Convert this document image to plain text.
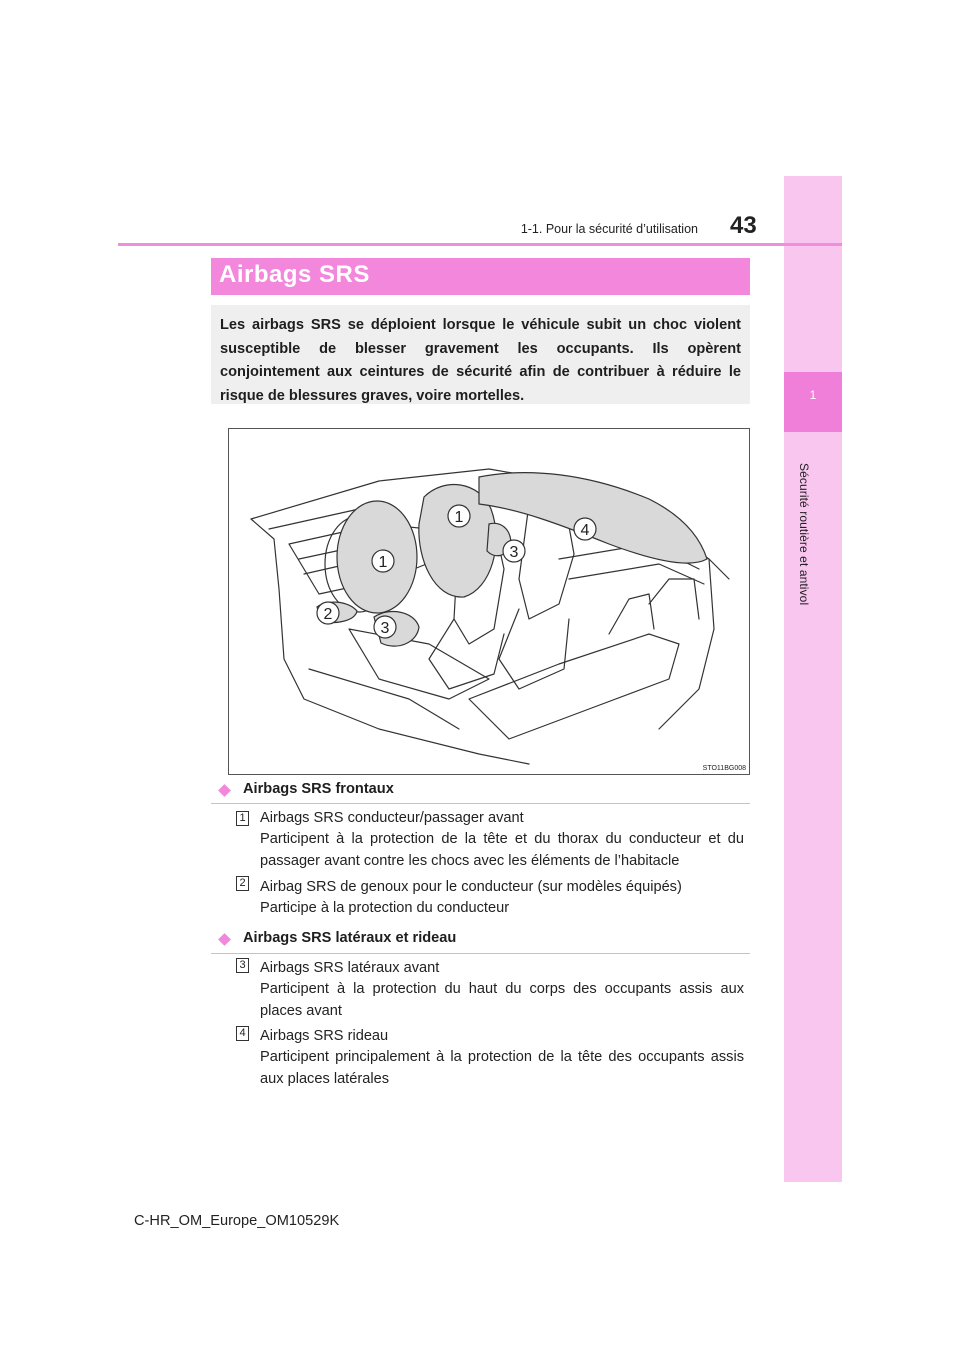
1
Sécurité routière et antivol
1-1. Pour la sécurité d’utilisation 43
Airbags SRS
Les airbags SRS se déploient lorsque le véhicule subit un choc violent susceptible de blesser gravement les occupants. Ils opèrent conjointement aux ceintures de sécurité afin de contribuer à réduire le risque de blessures graves, voire mortelles.
1
1
2
3
3
4
STO11BG008
Airbags SRS frontaux
1 Airbags SRS conducteur/passager avant
Participent à la protection de la tête et du thorax du conducteur et du passager avant contre les chocs avec les éléments de l’habitacle
2 Airbag SRS de genoux pour le conducteur (sur modèles équipés)
Participe à la protection du conducteur
Airbags SRS latéraux et rideau
3 Airbags SRS latéraux avant
Participent à la protection du haut du corps des occupants assis aux places avant
4 Airbags SRS rideau
Participent principalement à la protection de la tête des occupants assis aux places latérales
C-HR_OM_Europe_OM10529K
